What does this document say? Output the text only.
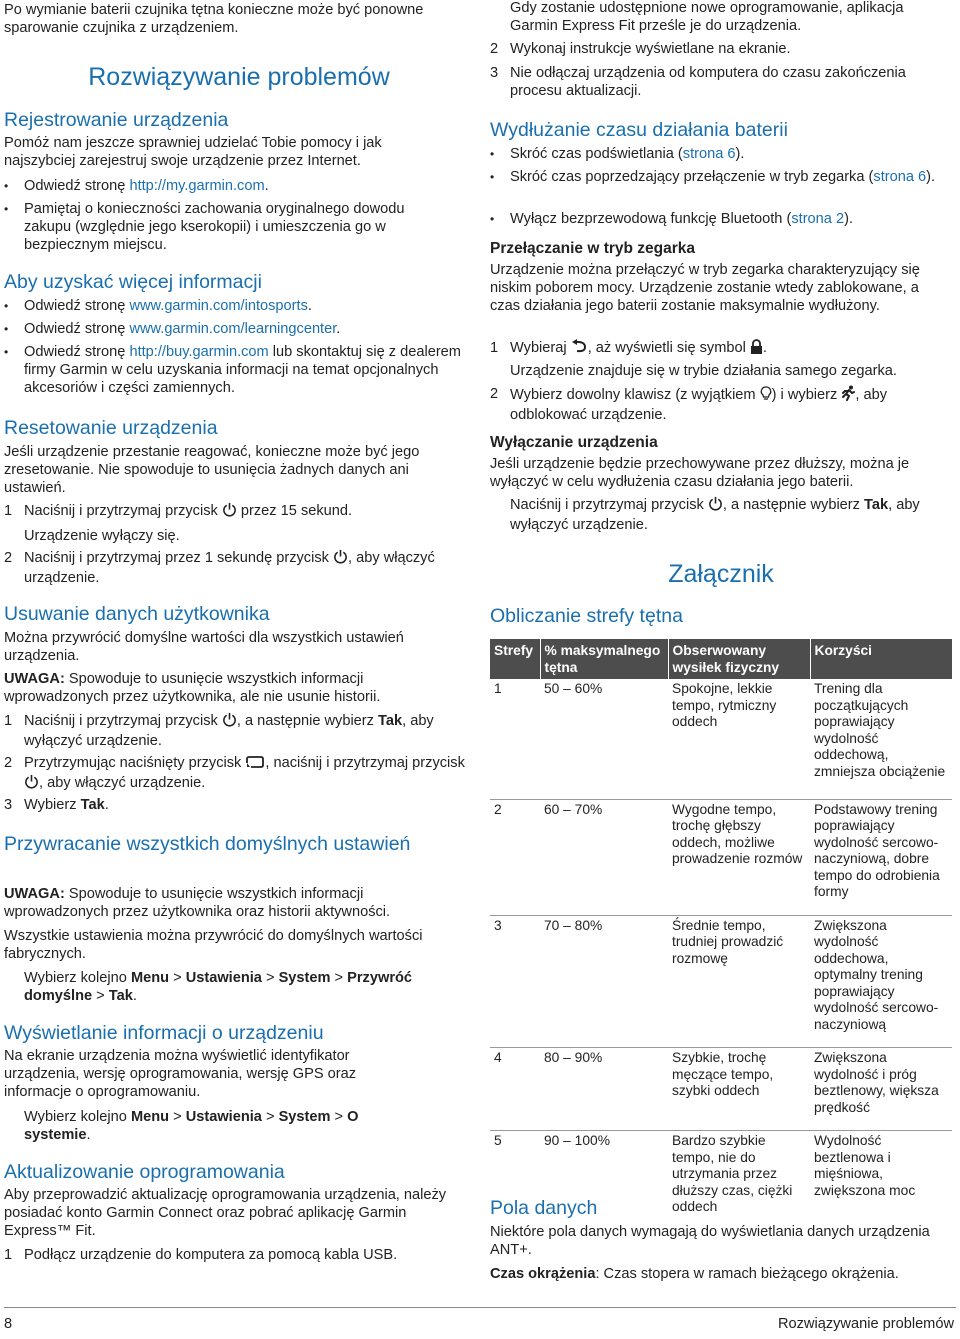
Po wymianie baterii czujnika tętna konieczne może być ponowne sparowanie czujnika z urządzeniem.

Rozwiązywanie problemów
Rejestrowanie urządzenia

Pomóż nam jeszcze sprawniej udzielać Tobie pomocy i jak najszybciej zarejestruj swoje urządzenie przez Internet.

• Odwiedź stronę http://my.garmin.com.

• Pamiętaj o konieczności zachowania oryginalnego dowodu zakupu (względnie jego kserokopii) i umieszczenia go w bezpiecznym miejscu.

Aby uzyskać więcej informacji

• Odwiedź stronę www.garmin.com/intosports.

• Odwiedź stronę www.garmin.com/learningcenter.

• Odwiedź stronę http://buy.garmin.com lub skontaktuj się z dealerem firmy Garmin w celu uzyskania informacji na temat opcjonalnych akcesoriów i części zamiennych.

Resetowanie urządzenia

Jeśli urządzenie przestanie reagować, konieczne może być jego zresetowanie. Nie spowoduje to usunięcia żadnych danych ani ustawień.

1 Naciśnij i przytrzymaj przycisk  przez 15 sekund.

Urządzenie wyłączy się.

2 Naciśnij i przytrzymaj przez 1 sekundę przycisk , aby włączyć urządzenie.

Usuwanie danych użytkownika

Można przywrócić domyślne wartości dla wszystkich ustawień urządzenia.

UWAGA: Spowoduje to usunięcie wszystkich informacji wprowadzonych przez użytkownika, ale nie usunie historii.

1 Naciśnij i przytrzymaj przycisk , a następnie wybierz Tak, aby wyłączyć urządzenie.

2 Przytrzymując naciśnięty przycisk , naciśnij i przytrzymaj przycisk , aby włączyć urządzenie.

3 Wybierz Tak.

Przywracanie wszystkich domyślnych ustawień

UWAGA: Spowoduje to usunięcie wszystkich informacji wprowadzonych przez użytkownika oraz historii aktywności.

Wszystkie ustawienia można przywrócić do domyślnych wartości fabrycznych.

Wybierz kolejno Menu > Ustawienia > System > Przywróć domyślne > Tak.

Wyświetlanie informacji o urządzeniu

Na ekranie urządzenia można wyświetlić identyfikator urządzenia, wersję oprogramowania, wersję GPS oraz informacje o oprogramowaniu.

Wybierz kolejno Menu > Ustawienia > System > O systemie.

Aktualizowanie oprogramowania

Aby przeprowadzić aktualizację oprogramowania urządzenia, należy posiadać konto Garmin Connect oraz pobrać aplikację Garmin Express™ Fit.

1 Podłącz urządzenie do komputera za pomocą kabla USB.

Gdy zostanie udostępnione nowe oprogramowanie, aplikacja Garmin Express Fit prześle je do urządzenia.

2 Wykonaj instrukcje wyświetlane na ekranie.

3 Nie odłączaj urządzenia od komputera do czasu zakończenia procesu aktualizacji.

Wydłużanie czasu działania baterii

• Skróć czas podświetlania (strona 6).

• Skróć czas poprzedzający przełączenie w tryb zegarka (strona 6).

• Wyłącz bezprzewodową funkcję Bluetooth (strona 2).

Przełączanie w tryb zegarka

Urządzenie można przełączyć w tryb zegarka charakteryzujący się niskim poborem mocy. Urządzenie zostanie wtedy zablokowane, a czas działania jego baterii zostanie maksymalnie wydłużony.

1 Wybieraj , aż wyświetli się symbol .

Urządzenie znajduje się w trybie działania samego zegarka.

2 Wybierz dowolny klawisz (z wyjątkiem ) i wybierz , aby odblokować urządzenie.

Wyłączanie urządzenia

Jeśli urządzenie będzie przechowywane przez dłuższy, można je wyłączyć w celu wydłużenia czasu działania jego baterii.

Naciśnij i przytrzymaj przycisk , a następnie wybierz Tak, aby wyłączyć urządzenie.

Załącznik
Obliczanie strefy tętna
Strefy	% maksymalnego tętna	Obserwowany wysiłek fizyczny	Korzyści
1	50 – 60%	Spokojne, lekkie tempo, rytmiczny oddech	Trening dla początkujących poprawiający wydolność oddechową, zmniejsza obciążenie
2	60 – 70%	Wygodne tempo, trochę głębszy oddech, możliwe prowadzenie rozmów	Podstawowy trening poprawiający wydolność sercowo-naczyniową, dobre tempo do odrobienia formy
3	70 – 80%	Średnie tempo, trudniej prowadzić rozmowę	Zwiększona wydolność oddechowa, optymalny trening poprawiający wydolność sercowo-naczyniową
4	80 – 90%	Szybkie, trochę męczące tempo, szybki oddech	Zwiększona wydolność i próg beztlenowy, większa prędkość
5	90 – 100%	Bardzo szybkie tempo, nie do utrzymania przez dłuższy czas, ciężki oddech	Wydolność beztlenowa i mięśniowa, zwiększona moc
Pola danych

Niektóre pola danych wymagają do wyświetlania danych urządzenia ANT+.

Czas okrążenia: Czas stopera w ramach bieżącego okrążenia.

8	Rozwiązywanie problemów
